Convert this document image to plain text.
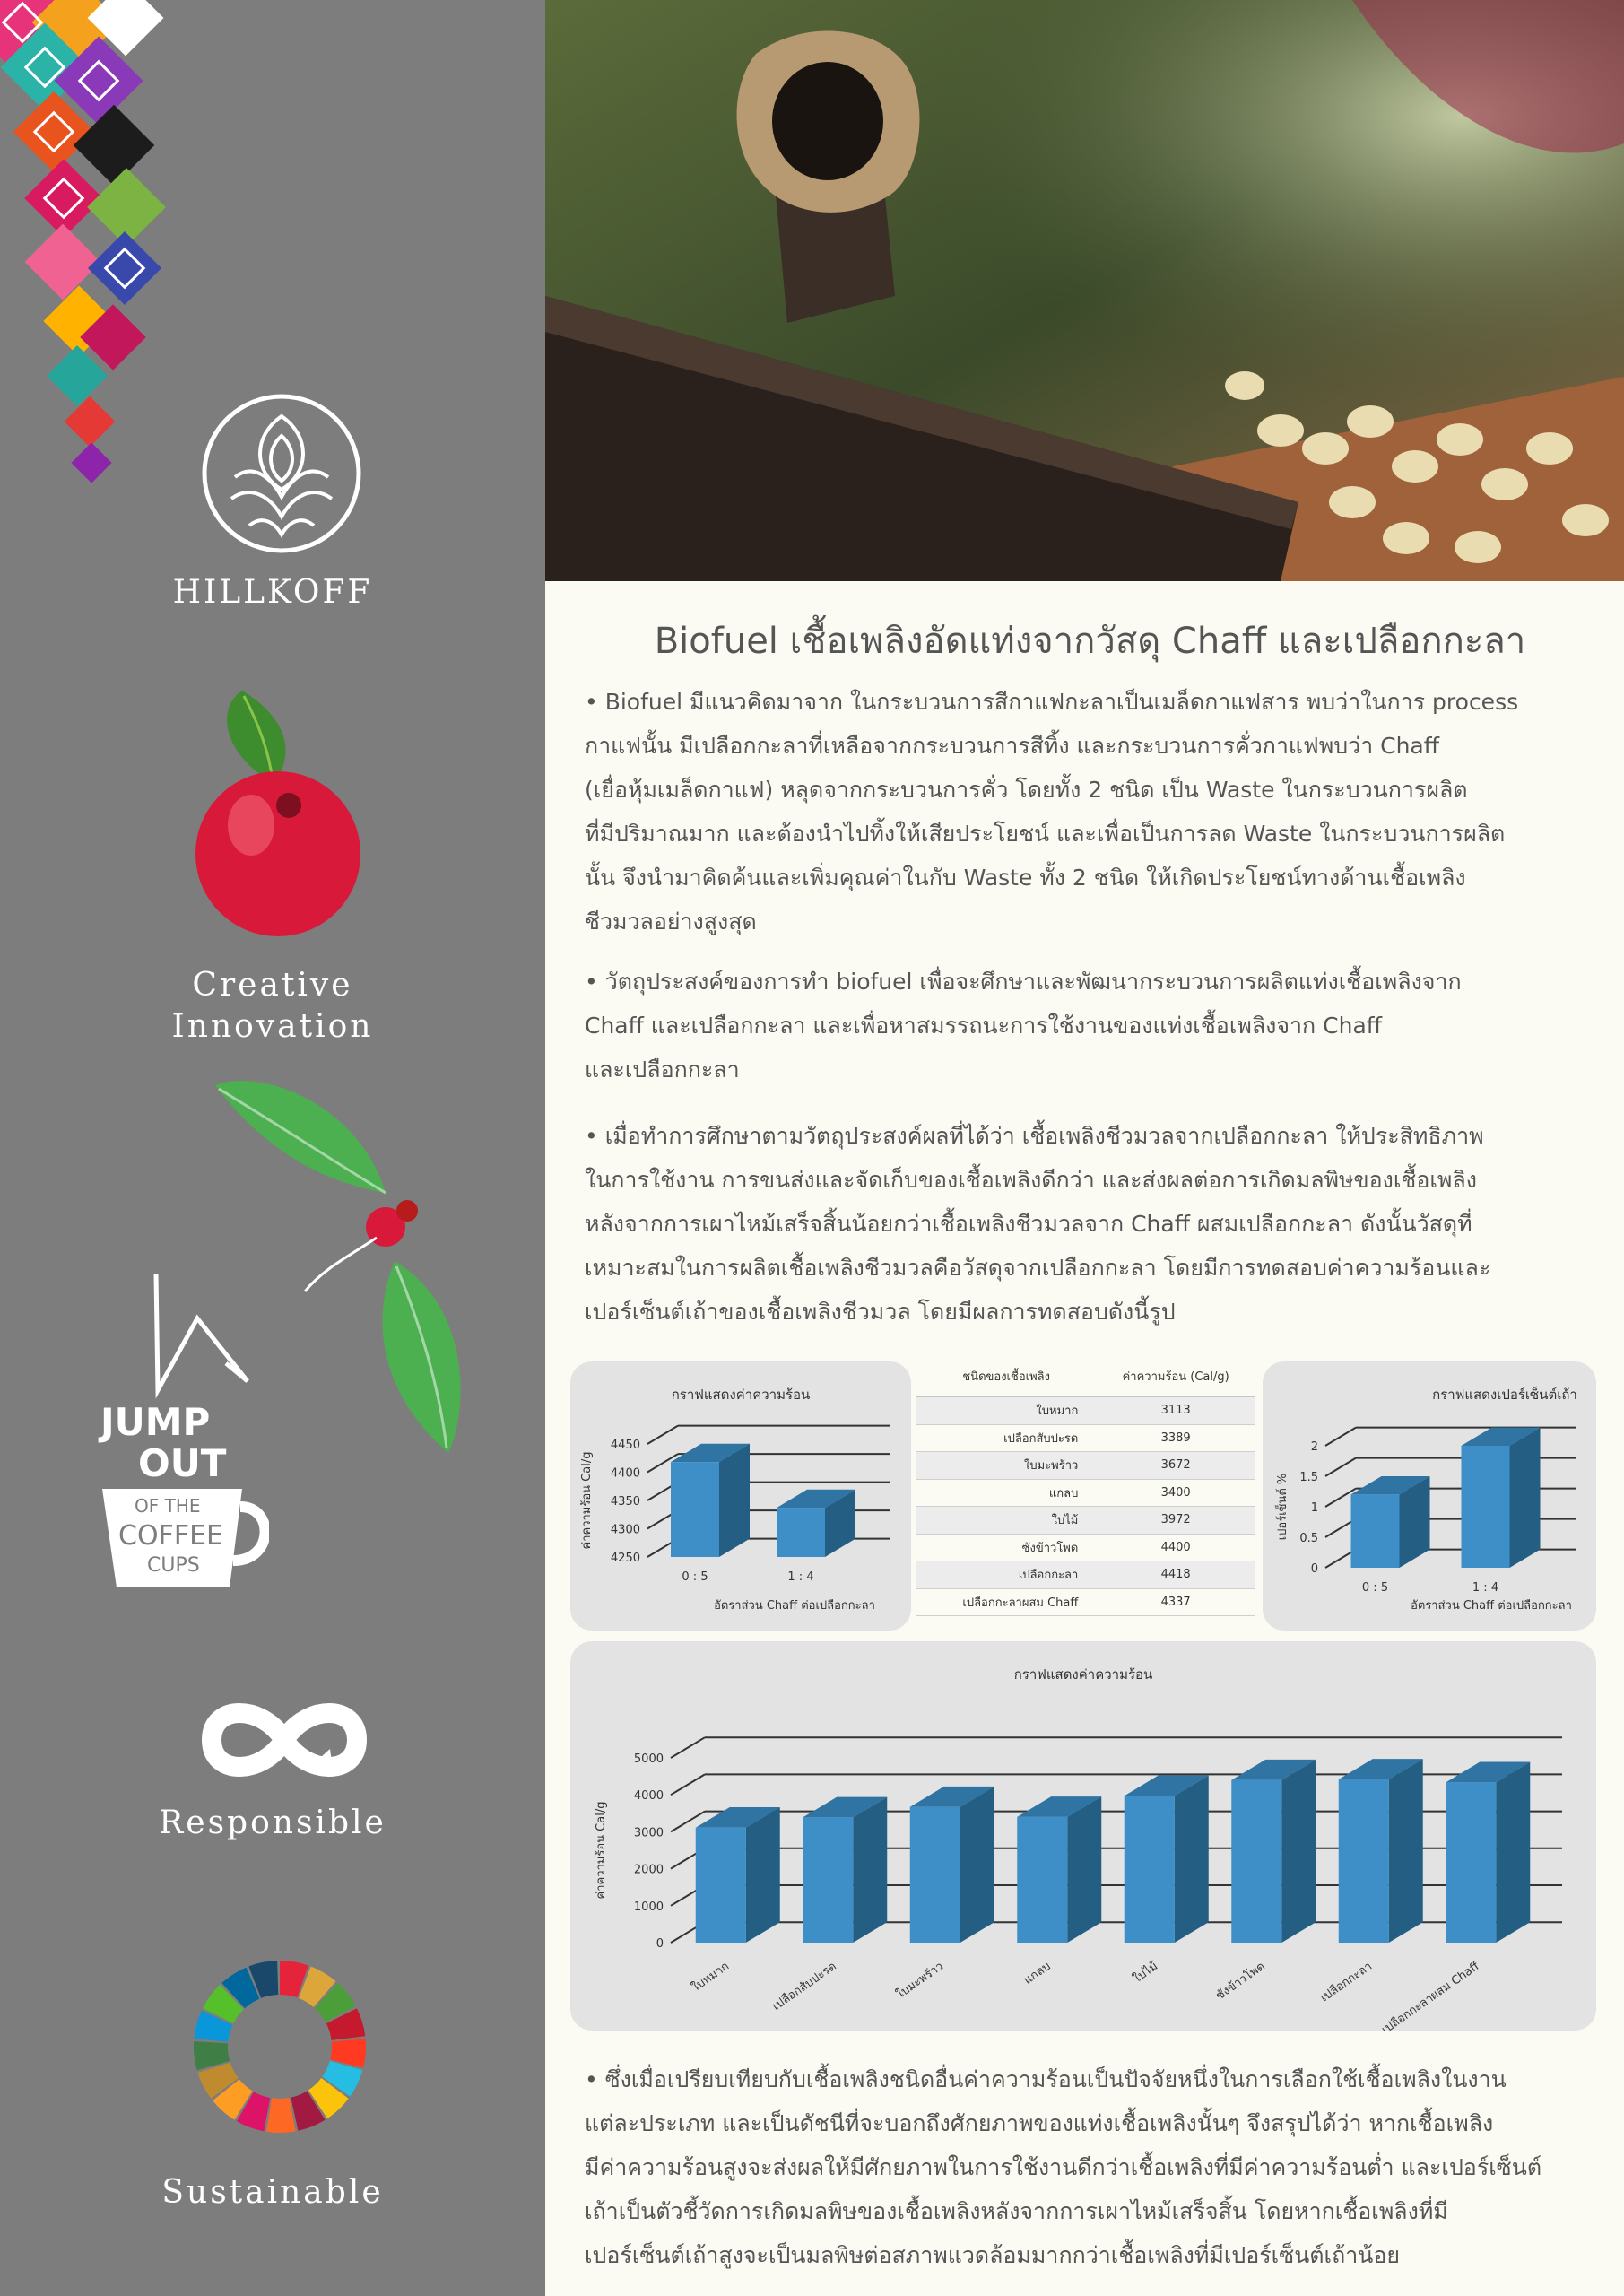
HILLKOFF
Creative
Innovation
JUMP
OUT
OF THE
COFFEE
CUPS
Responsible
Sustainable
Biofuel เชื้อเพลิงอัดแท่งจากวัสดุ Chaff และเปลือกกะลา
• Biofuel มีแนวคิดมาจาก ในกระบวนการสีกาแฟกะลาเป็นเมล็ดกาแฟสาร พบว่าในการ process
กาแฟนั้น มีเปลือกกะลาที่เหลือจากกระบวนการสีทิ้ง และกระบวนการคั่วกาแฟพบว่า Chaff
(เยื่อหุ้มเมล็ดกาแฟ) หลุดจากกระบวนการคั่ว โดยทั้ง 2 ชนิด เป็น Waste ในกระบวนการผลิต
ที่มีปริมาณมาก และต้องนำไปทิ้งให้เสียประโยชน์ และเพื่อเป็นการลด Waste ในกระบวนการผลิต
นั้น จึงนำมาคิดค้นและเพิ่มคุณค่าในกับ Waste ทั้ง 2 ชนิด ให้เกิดประโยชน์ทางด้านเชื้อเพลิง
ชีวมวลอย่างสูงสุด
• วัตถุประสงค์ของการทำ biofuel เพื่อจะศึกษาและพัฒนากระบวนการผลิตแท่งเชื้อเพลิงจาก
Chaff และเปลือกกะลา และเพื่อหาสมรรถนะการใช้งานของแท่งเชื้อเพลิงจาก Chaff
และเปลือกกะลา
• เมื่อทำการศึกษาตามวัตถุประสงค์ผลที่ได้ว่า เชื้อเพลิงชีวมวลจากเปลือกกะลา ให้ประสิทธิภาพ
ในการใช้งาน การขนส่งและจัดเก็บของเชื้อเพลิงดีกว่า และส่งผลต่อการเกิดมลพิษของเชื้อเพลิง
หลังจากการเผาไหม้เสร็จสิ้นน้อยกว่าเชื้อเพลิงชีวมวลจาก Chaff ผสมเปลือกกะลา ดังนั้นวัสดุที่
เหมาะสมในการผลิตเชื้อเพลิงชีวมวลคือวัสดุจากเปลือกกะลา โดยมีการทดสอบค่าความร้อนและ
เปอร์เซ็นต์เถ้าของเชื้อเพลิงชีวมวล โดยมีผลการทดสอบดังนี้รูป
• ซึ่งเมื่อเปรียบเทียบกับเชื้อเพลิงชนิดอื่นค่าความร้อนเป็นปัจจัยหนึ่งในการเลือกใช้เชื้อเพลิงในงาน
แต่ละประเภท และเป็นดัชนีที่จะบอกถึงศักยภาพของแท่งเชื้อเพลิงนั้นๆ จึงสรุปได้ว่า หากเชื้อเพลิง
มีค่าความร้อนสูงจะส่งผลให้มีศักยภาพในการใช้งานดีกว่าเชื้อเพลิงที่มีค่าความร้อนต่ำ และเปอร์เซ็นต์
เถ้าเป็นตัวชี้วัดการเกิดมลพิษของเชื้อเพลิงหลังจากการเผาไหม้เสร็จสิ้น โดยหากเชื้อเพลิงที่มี
เปอร์เซ็นต์เถ้าสูงจะเป็นมลพิษต่อสภาพแวดล้อมมากกว่าเชื้อเพลิงที่มีเปอร์เซ็นต์เถ้าน้อย
กราฟแสดงค่าความร้อน
4250
4300
4350
4400
4450
ค่าความร้อน Cal/g
0 : 5	1 : 4
อัตราส่วน Chaff ต่อเปลือกกะลา
ชนิดของเชื้อเพลิง	ค่าความร้อน (Cal/g)
ใบหมาก	3113
เปลือกสับปะรด	3389
ใบมะพร้าว	3672
แกลบ	3400
ใบไม้	3972
ซังข้าวโพด	4400
เปลือกกะลา	4418
เปลือกกะลาผสม Chaff	4337
กราฟแสดงเปอร์เซ็นต์เถ้า
0
0.5
1
1.5
2
เปอร์เซ็นต์ %
0 : 5	1 : 4
อัตราส่วน Chaff ต่อเปลือกกะลา
กราฟแสดงค่าความร้อน
0
1000
2000
3000
4000
5000
ค่าความร้อน Cal/g
ใบหมาก	เปลือกสับปะรด	ใบมะพร้าว	แกลบ	ใบไม้	ซังข้าวโพด	เปลือกกะลา เปลือกกะลาผสม Chaff
